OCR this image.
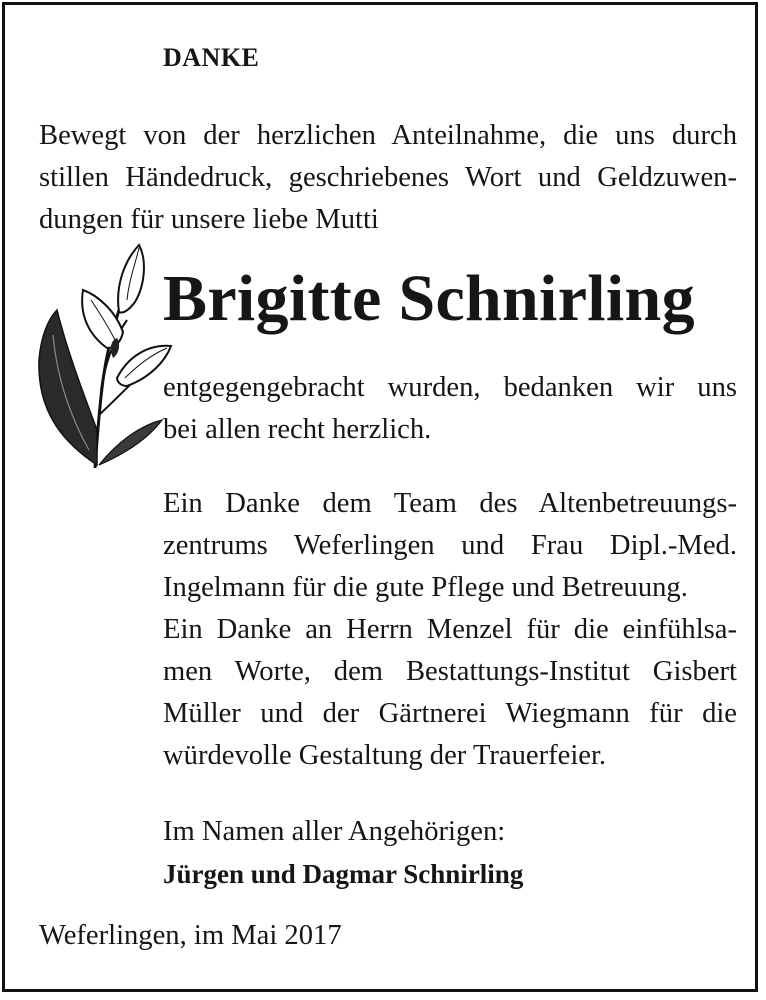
DANKE

Bewegt von der herzlichen Anteilnahme, die uns durch
stillen Händedruck, geschriebenes Wort und Geldzuwen-
dungen für unsere liebe Mutti

Brigitte Schnirling

entgegengebracht wurden, bedanken wir uns
bei allen recht herzlich.

Ein Danke dem Team des Altenbetreuungs-
zentrums Weferlingen und Frau Dipl.-Med.
Ingelmann für die gute Pflege und Betreuung.
Ein Danke an Herrn Menzel für die einfühlsa-
men Worte, dem Bestattungs-Institut Gisbert
Müller und der Gärtnerei Wiegmann für die
würdevolle Gestaltung der Trauerfeier.

Im Namen aller Angehörigen:
Jürgen und Dagmar Schnirling

Weferlingen, im Mai 2017
